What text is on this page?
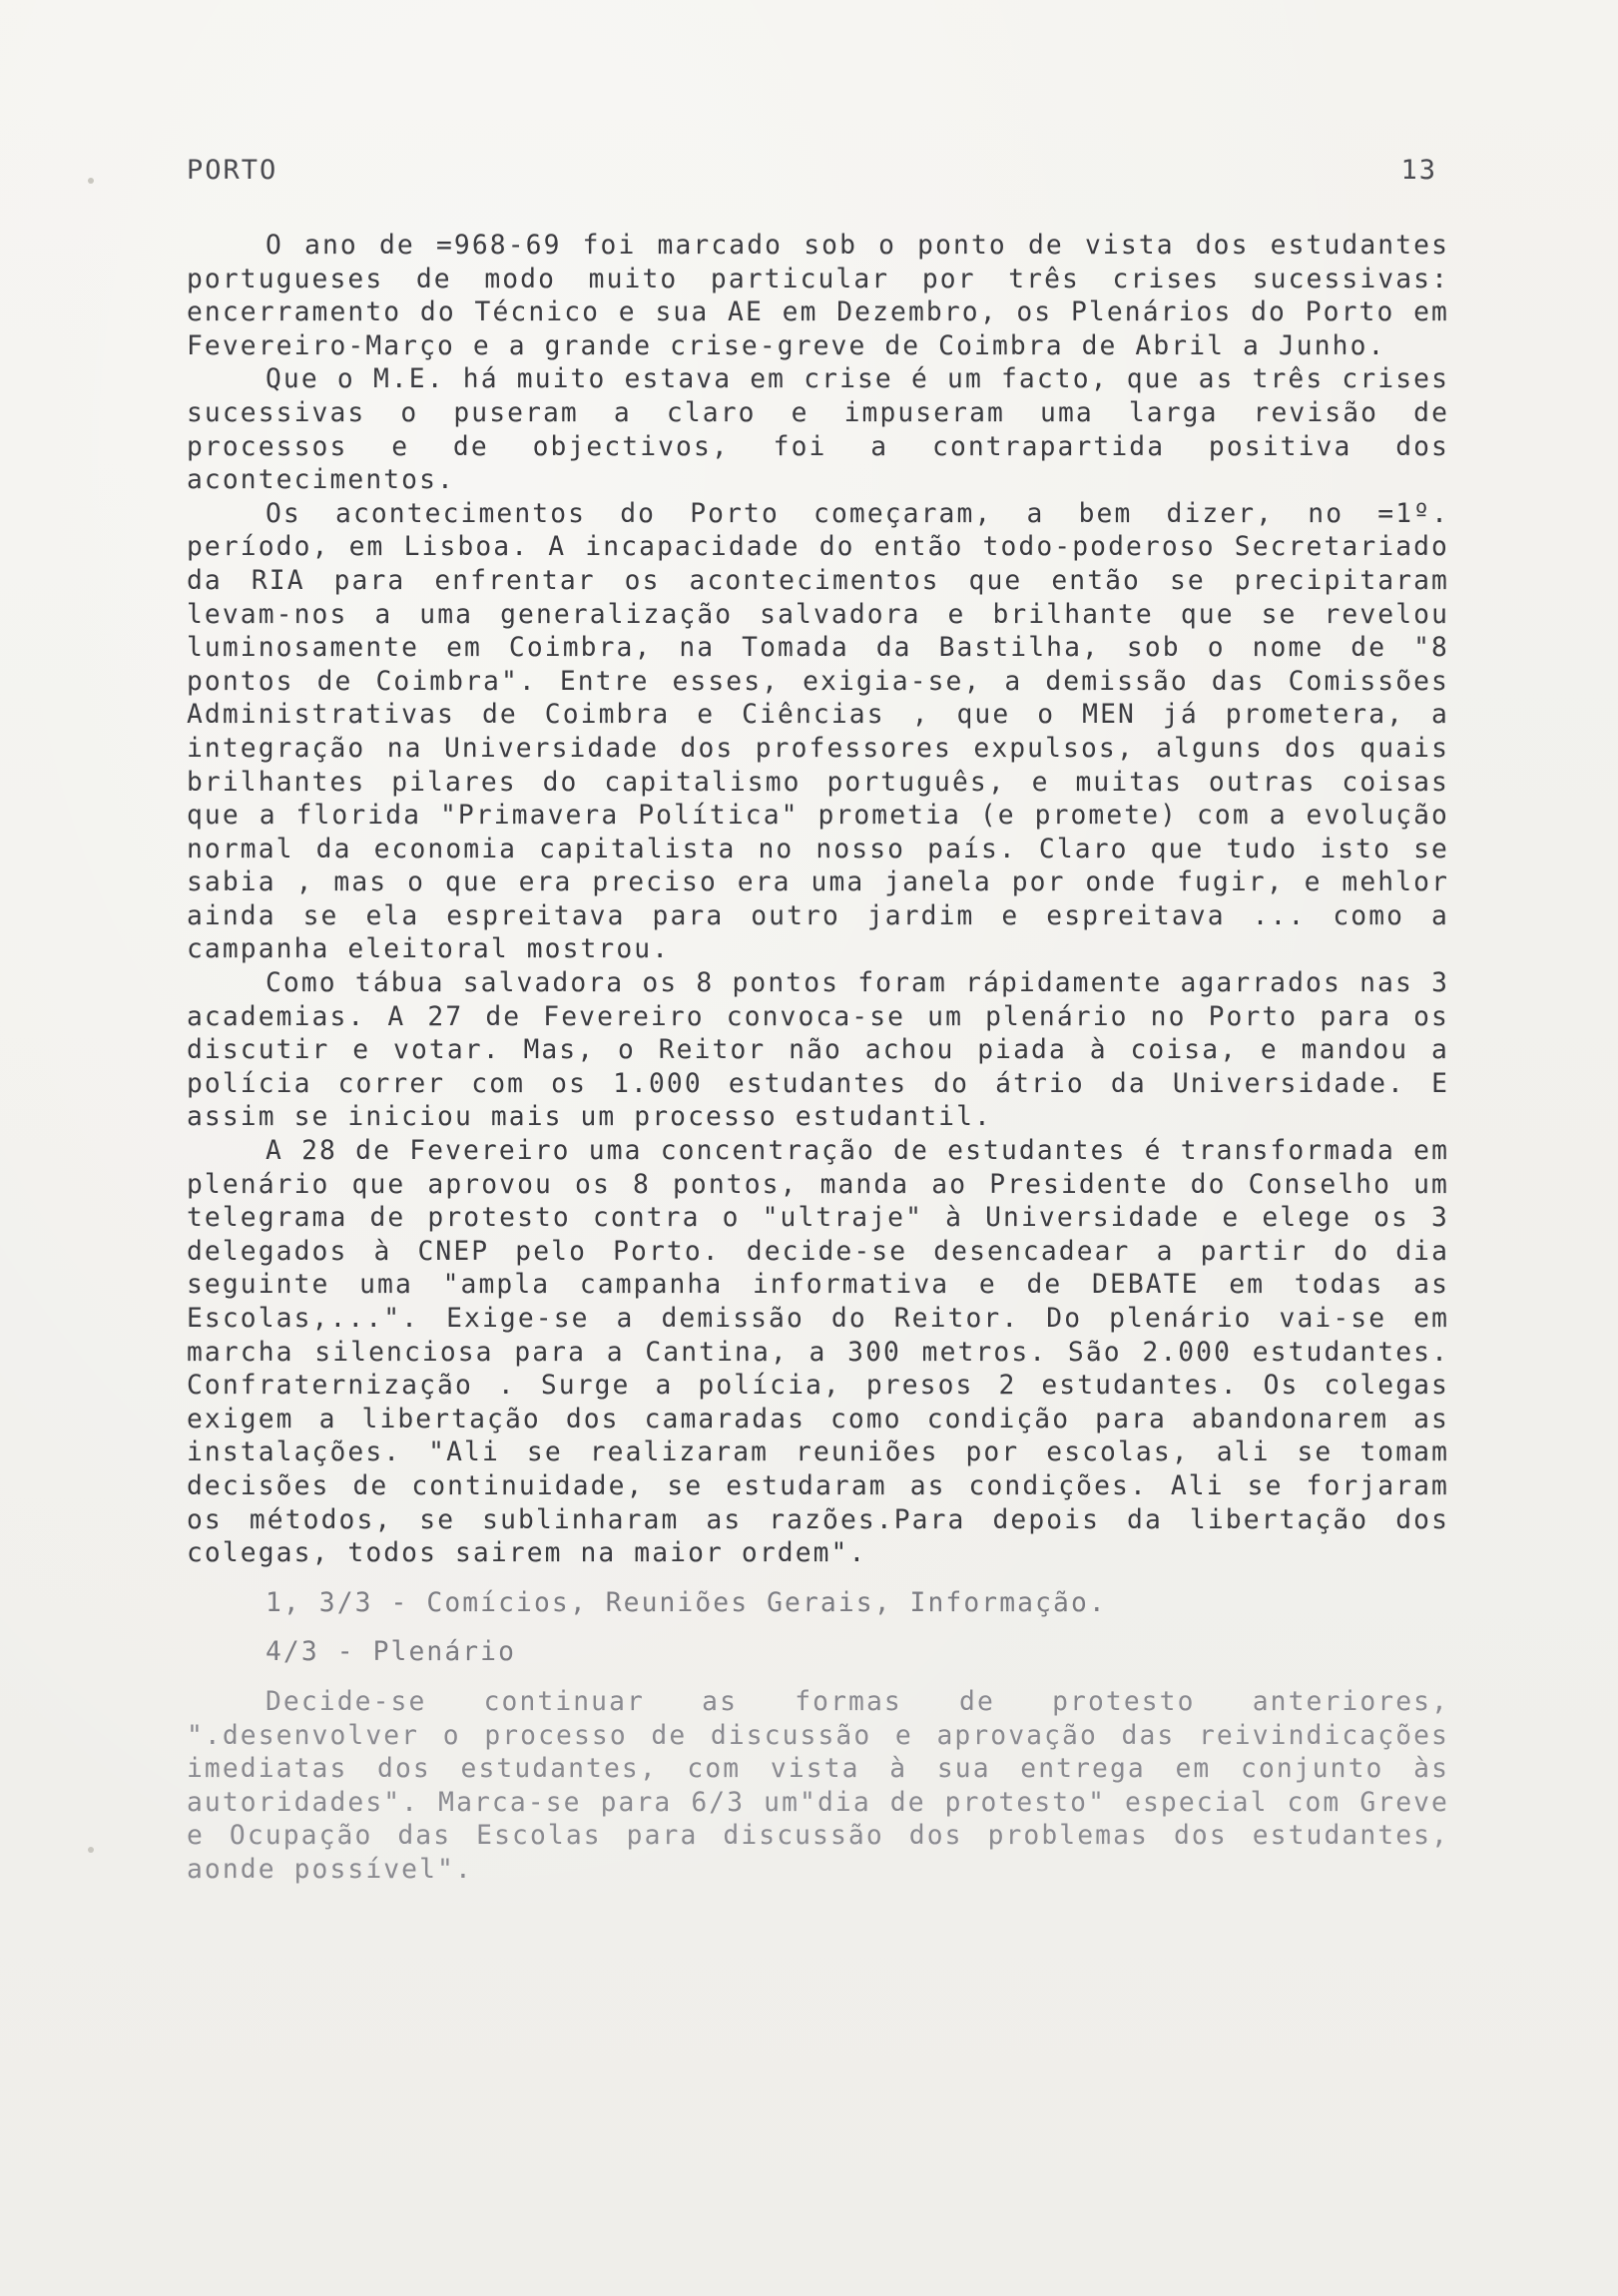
PORTO	13

O ano de =968-69 foi marcado sob o ponto de vista dos estudantes portugueses de modo muito particular por três crises sucessivas: encerramento do Técnico e sua AE em Dezembro, os Plenários do Porto em Fevereiro-Março e a grande crise-greve de Coimbra de Abril a Junho.

Que o M.E. há muito estava em crise é um facto, que as três crises sucessivas o puseram a claro e impuseram uma larga revisão de processos e de objectivos, foi a contrapartida positiva dos acontecimentos.

Os acontecimentos do Porto começaram, a bem dizer, no =1º. período, em Lisboa. A incapacidade do então todo-poderoso Secretariado da RIA para enfrentar os acontecimentos que então se precipitaram levam-nos a uma generalização salvadora e brilhante que se revelou luminosamente em Coimbra, na Tomada da Bastilha, sob o nome de "8 pontos de Coimbra". Entre esses, exigia-se, a demissão das Comissões Administrativas de Coimbra e Ciências , que o MEN já prometera, a integração na Universidade dos professores expulsos, alguns dos quais brilhantes pilares do capitalismo português, e muitas outras coisas que a florida "Primavera Política" prometia (e promete) com a evolução normal da economia capitalista no nosso país. Claro que tudo isto se sabia , mas o que era preciso era uma janela por onde fugir, e mehlor ainda se ela espreitava para outro jardim e espreitava ... como a campanha eleitoral mostrou.

Como tábua salvadora os 8 pontos foram rápidamente agarrados nas 3 academias. A 27 de Fevereiro convoca-se um plenário no Porto para os discutir e votar. Mas, o Reitor não achou piada à coisa, e mandou a polícia correr com os 1.000 estudantes do átrio da Universidade. E assim se iniciou mais um processo estudantil.

A 28 de Fevereiro uma concentração de estudantes é transformada em plenário que aprovou os 8 pontos, manda ao Presidente do Conselho um telegrama de protesto contra o "ultraje" à Universidade e elege os 3 delegados à CNEP pelo Porto. decide-se desencadear a partir do dia seguinte uma "ampla campanha informativa e de DEBATE em todas as Escolas,...". Exige-se a demissão do Reitor. Do plenário vai-se em marcha silenciosa para a Cantina, a 300 metros. São 2.000 estudantes. Confraternização . Surge a polícia, presos 2 estudantes. Os colegas exigem a libertação dos camaradas como condição para abandonarem as instalações. "Ali se realizaram reuniões por escolas, ali se tomam decisões de continuidade, se estudaram as condições. Ali se forjaram os métodos, se sublinharam as razões.Para depois da libertação dos colegas, todos sairem na maior ordem".

1, 3/3 - Comícios, Reuniões Gerais, Informação.

4/3 - Plenário

Decide-se continuar as formas de protesto anteriores, ".desenvolver o processo de discussão e aprovação das reivindicações imediatas dos estudantes, com vista à sua entrega em conjunto às autoridades". Marca-se para 6/3 um"dia de protesto" especial com Greve e Ocupação das Escolas para discussão dos problemas dos estudantes, aonde possível".
